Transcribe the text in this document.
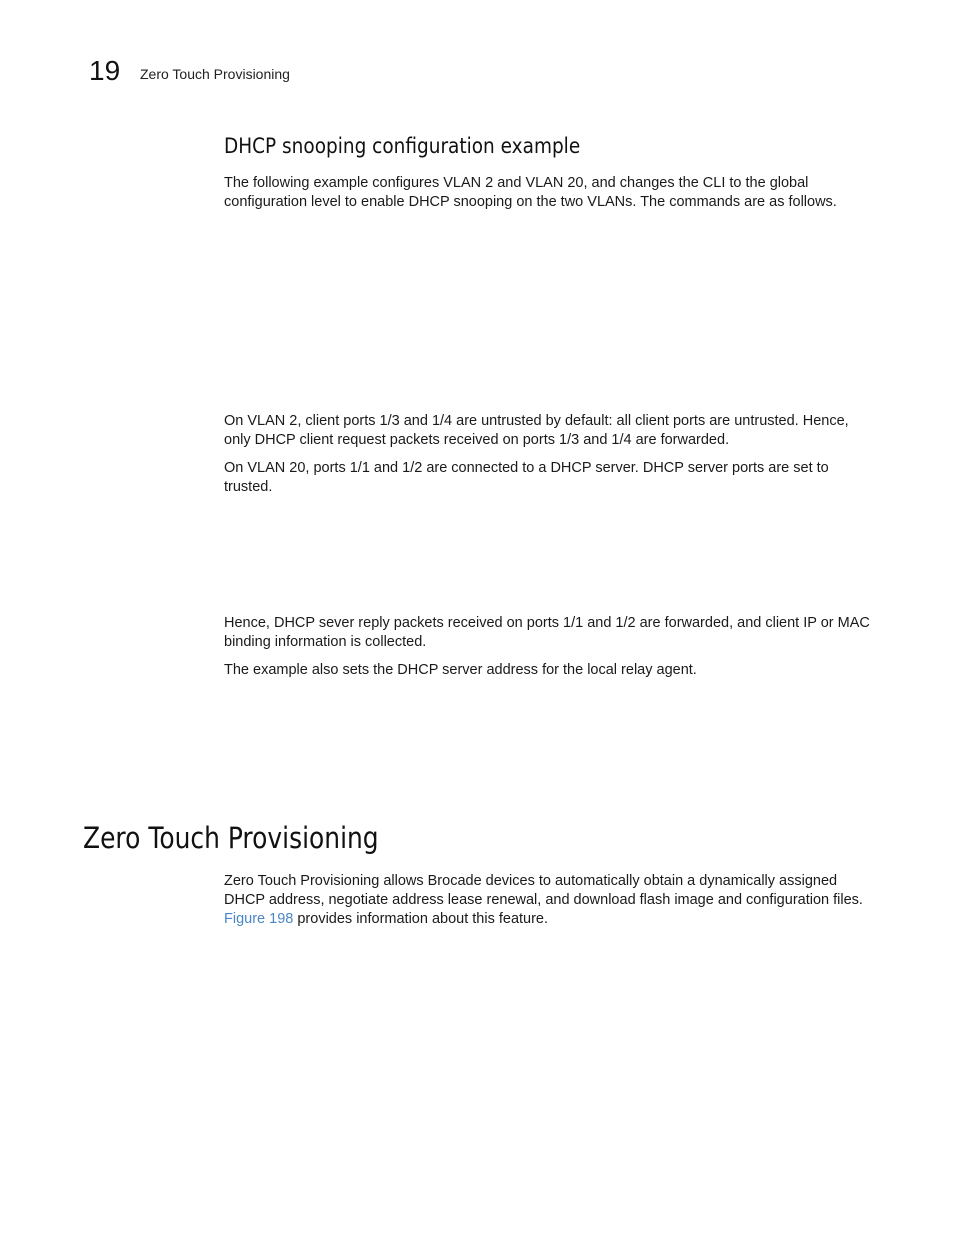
19 Zero Touch Provisioning
DHCP snooping configuration example

The following example configures VLAN 2 and VLAN 20, and changes the CLI to the global configuration level to enable DHCP snooping on the two VLANs. The commands are as follows.

On VLAN 2, client ports 1/3 and 1/4 are untrusted by default: all client ports are untrusted. Hence, only DHCP client request packets received on ports 1/3 and 1/4 are forwarded.

On VLAN 20, ports 1/1 and 1/2 are connected to a DHCP server. DHCP server ports are set to trusted.

Hence, DHCP sever reply packets received on ports 1/1 and 1/2 are forwarded, and client IP or MAC binding information is collected.

The example also sets the DHCP server address for the local relay agent.

Zero Touch Provisioning

Zero Touch Provisioning allows Brocade devices to automatically obtain a dynamically assigned DHCP address, negotiate address lease renewal, and download flash image and configuration files. Figure 198 provides information about this feature.
